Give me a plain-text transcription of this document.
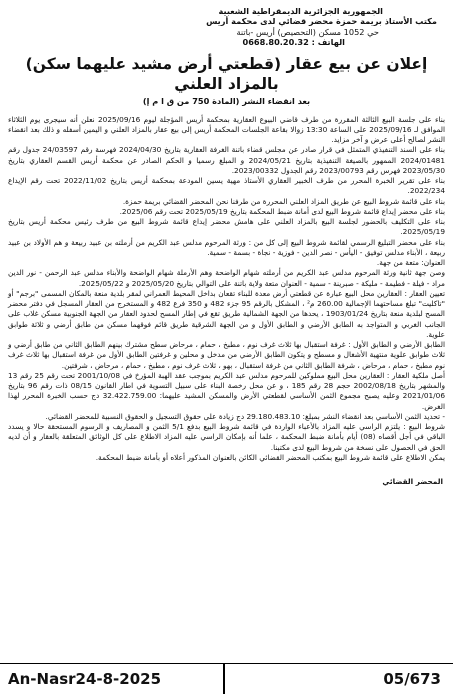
الجمهورية الجزائرية الديمقراطية الشعبية
مكتب الأستاذ بريمة حمزة محضر قضائي لدى محكمة أريس
حي 1052 مسكن (التحصيص) أريس -باتنة
الهاتف : 0668.80.20.32
إعلان عن بيع عقار (قطعتي أرض مشيد عليهما سكن) بالمزاد العلني
بعد انقضاء النشر (المادة 750 من ق ا م إ)

بناء على جلسة البيع الثالثة المقررة من طرف قاضي البيوع العقارية بمحكمة أريس المؤجلة ليوم 2025/09/16 نعلن أنه سيجرى يوم الثلاثاء الموافق لـ 2025/09/16 على الساعة 13:30 زوالا بقاعة الجلسات المحكمة أريس إلى بيع عقار بالمزاد العلني و اليمين أسفله و ذلك بعد انقضاء النشر لصالح أعلى عرض و آخر مزايد.

بناء على السند التنفيذي المتمثل في قرار صادر عن مجلس قضاء باتنة الغرفة العقارية بتاريخ 2024/04/30 فهرسة رقم 24/03597 جدول رقم 2024/01481 الممهور بالصيغة التنفيذية بتاريخ 2024/05/21 و المبلغ رسميا و الحكم الصادر عن محكمة أريس القسم العقاري بتاريخ 2023/05/30 فهرس رقم 2023/00793 رقم الجدول 2023/00332.

بناء على تقرير الخبرة المحرر من طرف الخبير العقاري الأستاذ مهية يسين المودعة بمحكمة أريس بتاريخ 2022/11/02 تحت رقم الإيداع 2022/234.

بناء على قائمة شروط البيع عن طريق المزاد العلني المحررة من طرفنا نحن المحضر القضائي بريمة حمزة.

بناء على محضر إيداع قائمة شروط البيع لدى أمانة ضبط المحكمة بتاريخ 2025/05/19 تحت رقم 2025/06.

بناء على التكليف بالحضور لجلسة البيع بالمزاد العلني على هامش محضر إيداع قائمة شروط البيع من طرف رئيس محكمة أريس بتاريخ 2025/05/19.

بناء على محضر التبليغ الرسمي لقائمة شروط البيع إلى كل من : ورثة المرحوم مدلس عبد الكريم من أرملته بن عبيد ربيعة و هم الأولاد بن عبيد ربيعة ، الأبناء مدلس توفيق - اليأس - نصر الدين - فوزية - نجاة - بسمة - سمية.

العنوان: متعة من جهة.

وصن جهة ثانية ورثة المرحوم مدلس عبد الكريم من أرملته شهام الواضحة وهم الأرملة شهام الواضحة والأبناء مدلس عبد الرحمن - نور الدين مراد - فيلة - فطيمة - مليكة - صبرينة - سمية - العنوان متعة ولاية باتنة على التوالي بتاريخ 2025/05/20 و 2025/05/22.

تعيين العقار : العقارين محل البيع عبارة عن قطعتي أرض معدة للبناء تقعان بداخل المحيط العمراني لمقر بلدية منعة بالمكان المسمى "برجم" أو "تاكليت" تبلغ مساحتهما الإجمالية 260.00 م² ، المشكل بالرقم 95 جزء 482 و 350 فرع 482 و المستخرج من العقار المسجل في دفتر محضر المسح لبلدية منعة بتاريخ 1903/01/24 ، يحدها من الجهة الشمالية طريق تقع في إطار المسح لحدود العقار من الجهة الجنوبية مسكن غلاب على الجانب الغربي و المتواجد به الطابق الأرضي و الطابق الأول و من الجهة الشرقية طريق قائم فوقهما مسكن من طابق أرضي و ثلاثة طوابق علوية.

الطابق الأرضي و الطابق الأول : غرفة استقبال بها ثلاث غرف نوم ، مطبخ ، حمام ، مرحاض سطح مشترك بينهم الطابق الثاني من طابق أرضي و ثلاث طوابق علوية منتهية الأشغال و مسطح و يتكون الطابق الأرضي من مدخل و محلين و غرفتين الطابق الأول من غرفة استقبال بها ثلاث غرف نوم مطبخ ، حمام ، مرحاض ، شرفة الطابق الثاني من غرفة استقبال ، بهو ، ثلاث غرف نوم ، مطبخ ، حمام ، مرحاض ، شرفتين.

أصل ملكية العقار : العقارين محل البيع مملوكين للمرحوم مدلس عبد الكريم بموجب عقد الهبة المؤرخ في 2001/10/08 تحت رقم 25 رقم 13 والمشهر بتاريخ 2002/08/18 حجم 28 رقم 185 ، و عن محل رخصة البناء على سبيل التسوية في اطار القانون 08/15 ذات رقم 96 بتاريخ 2021/01/06 وعليه يصبح مجموع الثمن الأساسي لقطعتي الأرض والمسكن المشيد عليهما: 32.422.759.00 دج حسب الخبرة المحرر لهذا الغرض.

- تحديد الثمن الأساسي بعد انقضاء النشر بمبلغ: 29.180.483.10 دج زيادة على حقوق التسجيل و الحقوق النسبية للمحضر القضائي.

شروط البيع : يلتزم الراسي عليه المزاد بالأعباء الواردة في قائمة شروط البيع بدفع 5/1 الثمن و المصاريف و الرسوم المستحقة حالا و يسدد الباقي في أجل أقصاه (08) أيام بأمانة ضبط المحكمة ، علما أنه بإمكان الراسي عليه المزاد الاطلاع على كل الوثائق المتعلقة بالعقار و أن لديه الحق في الحصول على نسخة من شروط البيع لدى مكتبنا.

يمكن الاطلاع على قائمة شروط البيع بمكتب المحضر القضائي الكائن بالعنوان المذكور أعلاه أو بأمانة ضبط المحكمة.

المحضر القضائي

An-Nasr24-8-2025	05/673
